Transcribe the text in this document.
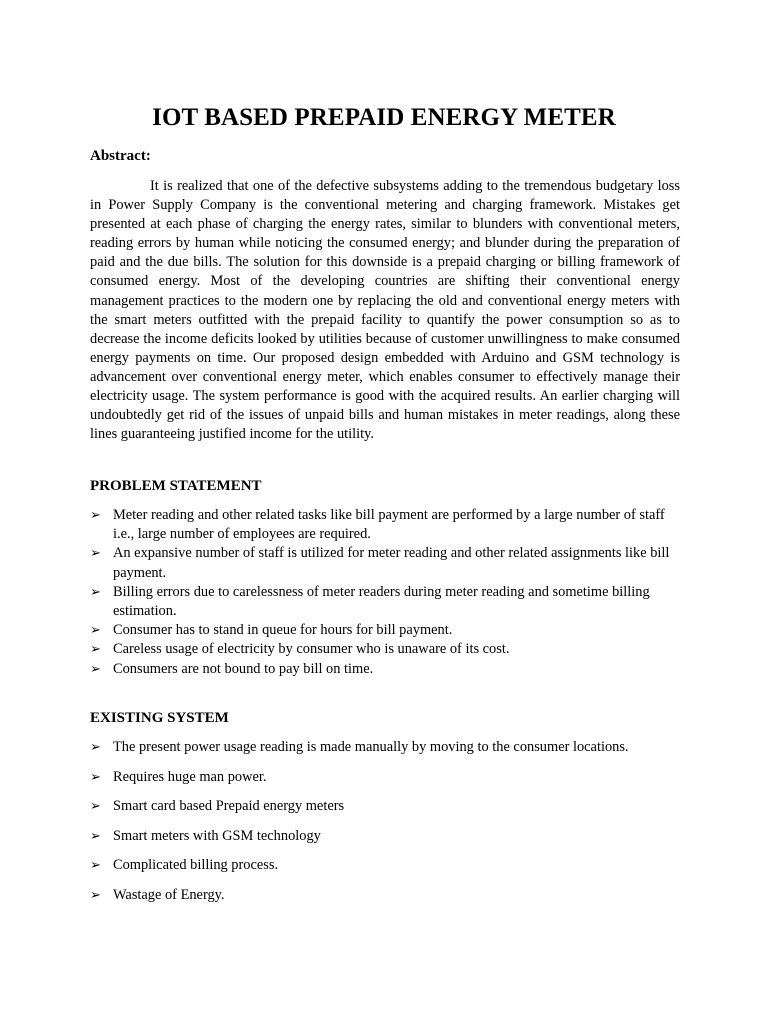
IOT BASED PREPAID ENERGY METER

Abstract:

It is realized that one of the defective subsystems adding to the tremendous budgetary loss in Power Supply Company is the conventional metering and charging framework. Mistakes get presented at each phase of charging the energy rates, similar to blunders with conventional meters, reading errors by human while noticing the consumed energy; and blunder during the preparation of paid and the due bills. The solution for this downside is a prepaid charging or billing framework of consumed energy. Most of the developing countries are shifting their conventional energy management practices to the modern one by replacing the old and conventional energy meters with the smart meters outfitted with the prepaid facility to quantify the power consumption so as to decrease the income deficits looked by utilities because of customer unwillingness to make consumed energy payments on time. Our proposed design embedded with Arduino and GSM technology is advancement over conventional energy meter, which enables consumer to effectively manage their electricity usage. The system performance is good with the acquired results. An earlier charging will undoubtedly get rid of the issues of unpaid bills and human mistakes in meter readings, along these lines guaranteeing justified income for the utility.

PROBLEM STATEMENT

➢ Meter reading and other related tasks like bill payment are performed by a large number of staff i.e., large number of employees are required.
➢ An expansive number of staff is utilized for meter reading and other related assignments like bill payment.
➢ Billing errors due to carelessness of meter readers during meter reading and sometime billing estimation.
➢ Consumer has to stand in queue for hours for bill payment.
➢ Careless usage of electricity by consumer who is unaware of its cost.
➢ Consumers are not bound to pay bill on time.

EXISTING SYSTEM

➢ The present power usage reading is made manually by moving to the consumer locations.
➢ Requires huge man power.
➢ Smart card based Prepaid energy meters
➢ Smart meters with GSM technology
➢ Complicated billing process.
➢ Wastage of Energy.
